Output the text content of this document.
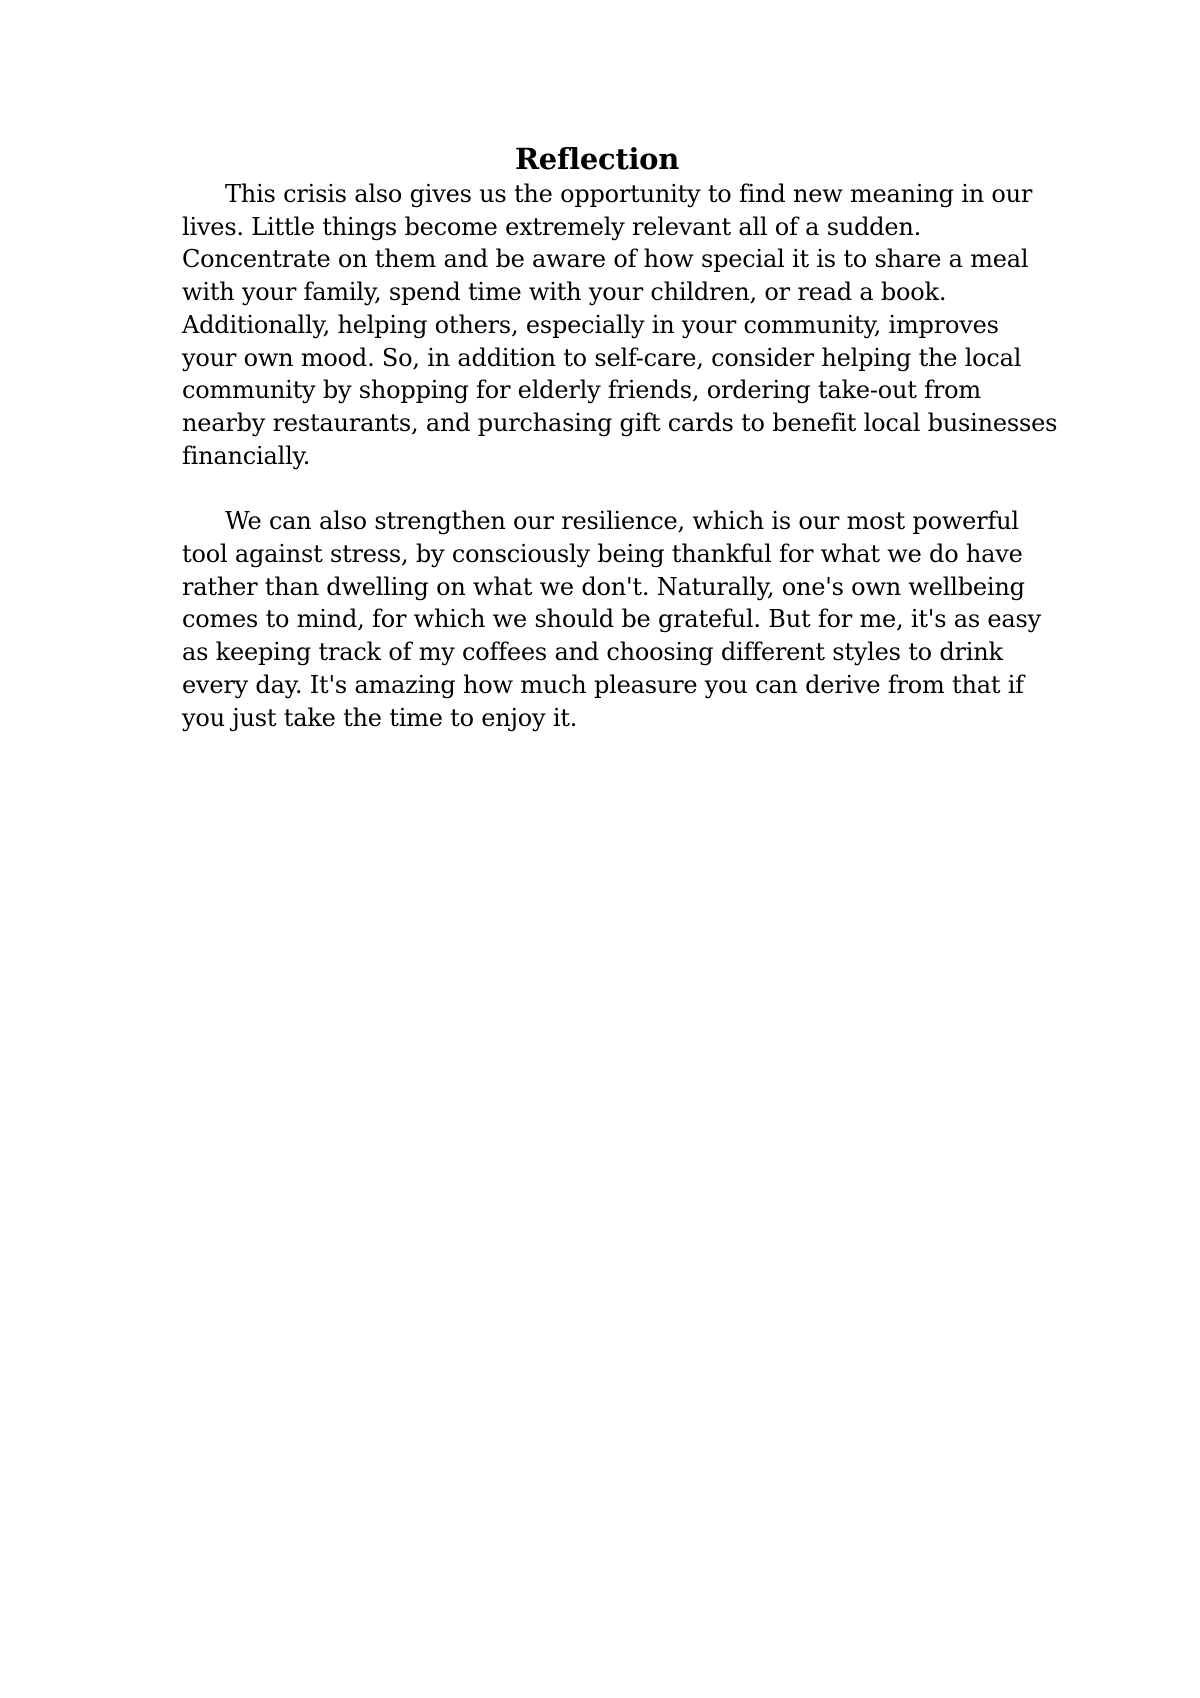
Reflection
This crisis also gives us the opportunity to find new meaning in our
lives. Little things become extremely relevant all of a sudden.
Concentrate on them and be aware of how special it is to share a meal
with your family, spend time with your children, or read a book.
Additionally, helping others, especially in your community, improves
your own mood. So, in addition to self-care, consider helping the local
community by shopping for elderly friends, ordering take-out from
nearby restaurants, and purchasing gift cards to benefit local businesses
financially.
We can also strengthen our resilience, which is our most powerful
tool against stress, by consciously being thankful for what we do have
rather than dwelling on what we don't. Naturally, one's own wellbeing
comes to mind, for which we should be grateful. But for me, it's as easy
as keeping track of my coffees and choosing different styles to drink
every day. It's amazing how much pleasure you can derive from that if
you just take the time to enjoy it.
